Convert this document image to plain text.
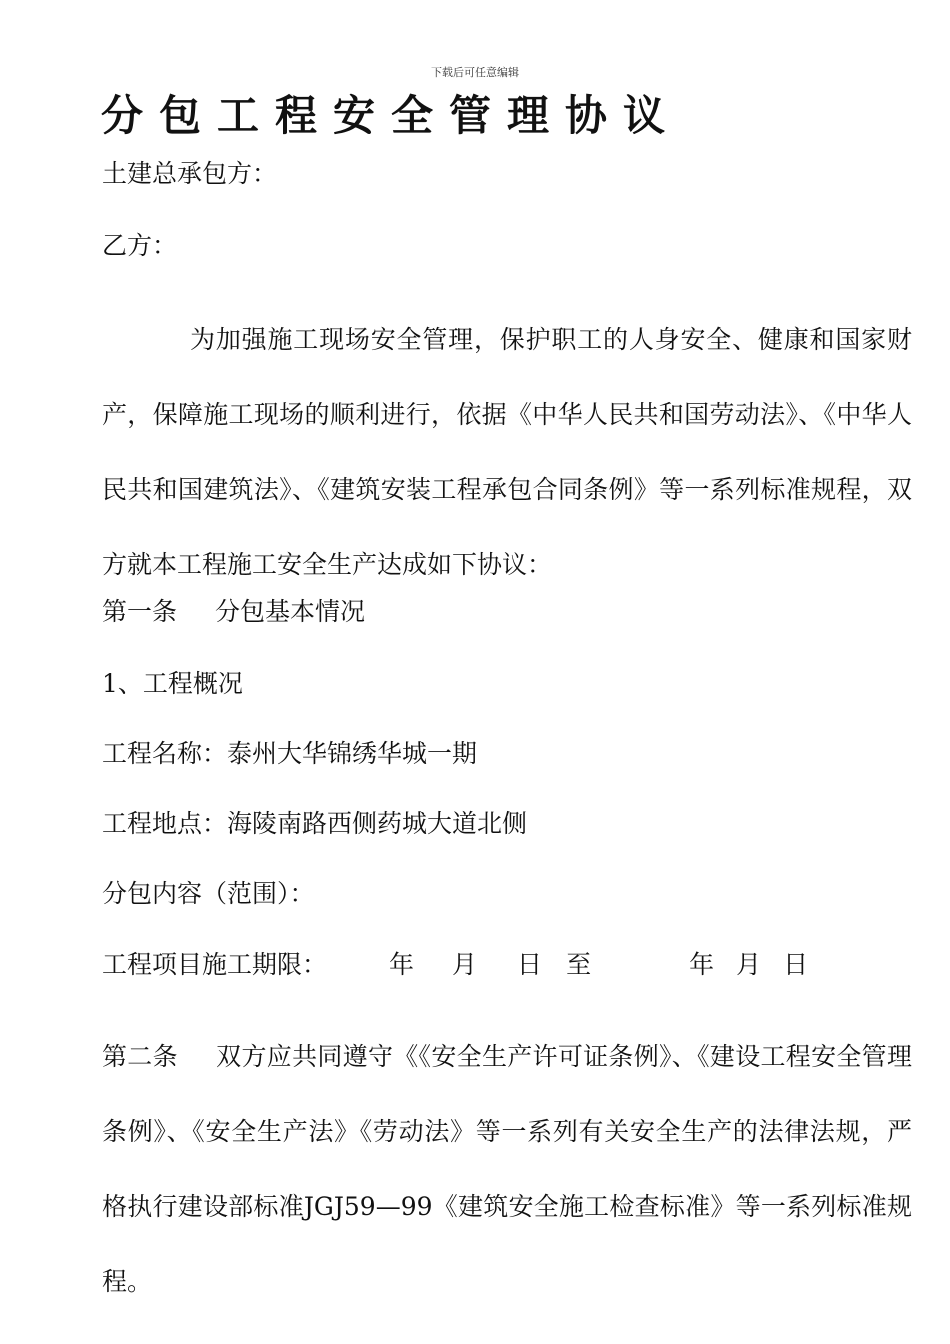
下载后可任意编辑
分包工程安全管理协议
土建总承包方：
乙方：
为加强施工现场安全管理，保护职工的人身安全、健康和国家财产，保障施工现场的顺利进行，依据《中华人民共和国劳动法》、《中华人民共和国建筑法》、《建筑安装工程承包合同条例》等一系列标准规程，双方就本工程施工安全生产达成如下协议：
第一条 分包基本情况
1、工程概况
工程名称：泰州大华锦绣华城一期
工程地点：海陵南路西侧药城大道北侧
分包内容（范围）：
工程项目施工期限： 年 月 日 至	年 月 日
第二条 双方应共同遵守《《安全生产许可证条例》、《建设工程安全管理条例》、《安全生产法》《劳动法》等一系列有关安全生产的法律法规，严格执行建设部标准JGJ59—99《建筑安全施工检查标准》等一系列标准规程。
